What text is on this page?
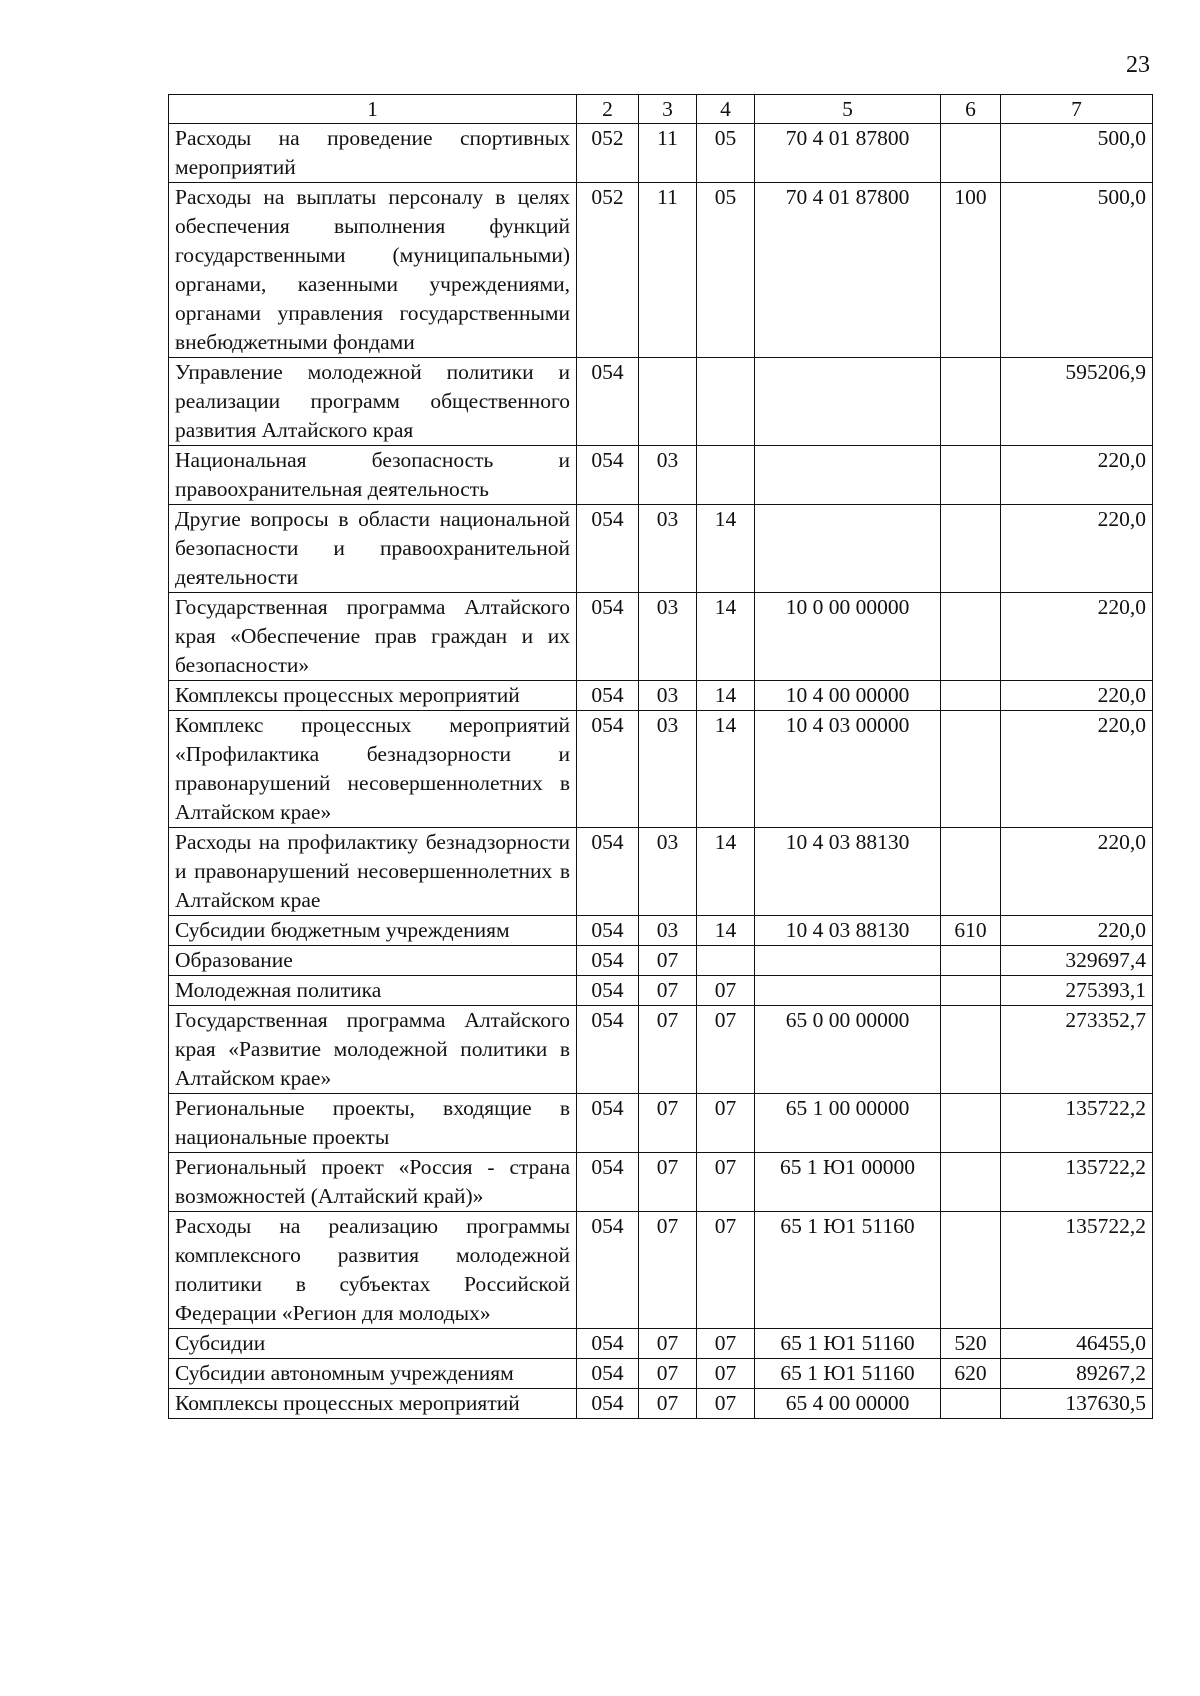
23
1	2	3	4	5	6	7
Расходы на проведение спортивных мероприятий	052	11	05	70 4 01 87800		500,0
Расходы на выплаты персоналу в целях обеспечения выполнения функций государственными (муниципальными) органами, казенными учреждениями, органами управления государственными внебюджетными фондами	052	11	05	70 4 01 87800	100	500,0
Управление молодежной политики и реализации программ общественного развития Алтайского края	054					595206,9
Национальная безопасность и правоохранительная деятельность	054	03				220,0
Другие вопросы в области национальной безопасности и правоохранительной деятельности	054	03	14			220,0
Государственная программа Алтайского края «Обеспечение прав граждан и их безопасности»	054	03	14	10 0 00 00000		220,0
Комплексы процессных мероприятий	054	03	14	10 4 00 00000		220,0
Комплекс процессных мероприятий «Профилактика безнадзорности и правонарушений несовершеннолетних в Алтайском крае»	054	03	14	10 4 03 00000		220,0
Расходы на профилактику безнадзорности и правонарушений несовершеннолетних в Алтайском крае	054	03	14	10 4 03 88130		220,0
Субсидии бюджетным учреждениям	054	03	14	10 4 03 88130	610	220,0
Образование	054	07				329697,4
Молодежная политика	054	07	07			275393,1
Государственная программа Алтайского края «Развитие молодежной политики в Алтайском крае»	054	07	07	65 0 00 00000		273352,7
Региональные проекты, входящие в национальные проекты	054	07	07	65 1 00 00000		135722,2
Региональный проект «Россия - страна возможностей (Алтайский край)»	054	07	07	65 1 Ю1 00000		135722,2
Расходы на реализацию программы комплексного развития молодежной политики в субъектах Российской Федерации «Регион для молодых»	054	07	07	65 1 Ю1 51160		135722,2
Субсидии	054	07	07	65 1 Ю1 51160	520	46455,0
Субсидии автономным учреждениям	054	07	07	65 1 Ю1 51160	620	89267,2
Комплексы процессных мероприятий	054	07	07	65 4 00 00000		137630,5
